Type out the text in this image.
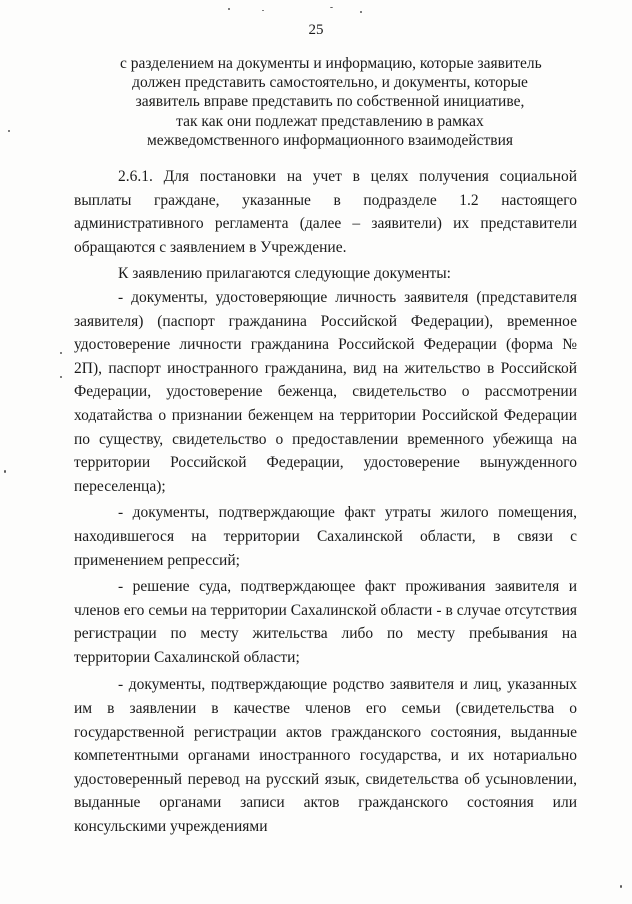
25
с разделением на документы и информацию, которые заявитель
должен представить самостоятельно, и документы, которые
заявитель вправе представить по собственной инициативе,
так как они подлежат представлению в рамках
межведомственного информационного взаимодействия

2.6.1. Для постановки на учет в целях получения социальной выплаты граждане, указанные в подразделе 1.2 настоящего административного регламента (далее – заявители) их представители обращаются с заявлением в Учреждение.

К заявлению прилагаются следующие документы:

- документы, удостоверяющие личность заявителя (представителя заявителя) (паспорт гражданина Российской Федерации), временное удостоверение личности гражданина Российской Федерации (форма № 2П), паспорт иностранного гражданина, вид на жительство в Российской Федерации, удостоверение беженца, свидетельство о рассмотрении ходатайства о признании беженцем на территории Российской Федерации по существу, свидетельство о предоставлении временного убежища на территории Российской Федерации, удостоверение вынужденного переселенца);

- документы, подтверждающие факт утраты жилого помещения, находившегося на территории Сахалинской области, в связи с применением репрессий;

- решение суда, подтверждающее факт проживания заявителя и членов его семьи на территории Сахалинской области - в случае отсутствия регистрации по месту жительства либо по месту пребывания на территории Сахалинской области;

- документы, подтверждающие родство заявителя и лиц, указанных им в заявлении в качестве членов его семьи (свидетельства о государственной регистрации актов гражданского состояния, выданные компетентными органами иностранного государства, и их нотариально удостоверенный перевод на русский язык, свидетельства об усыновлении, выданные органами записи актов гражданского состояния или консульскими учреждениями
